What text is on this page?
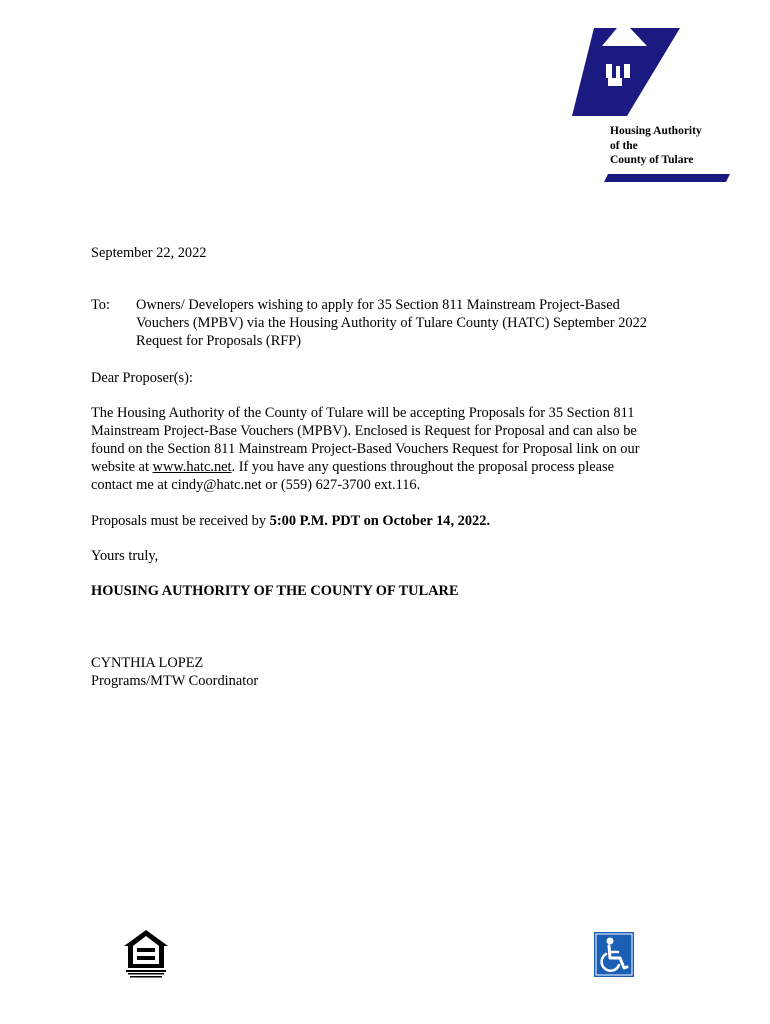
Housing Authority
of the
County of Tulare
September 22, 2022
To: Owners/ Developers wishing to apply for 35 Section 811 Mainstream Project-Based
Vouchers (MPBV) via the Housing Authority of Tulare County (HATC) September 2022
Request for Proposals (RFP)
Dear Proposer(s):
The Housing Authority of the County of Tulare will be accepting Proposals for 35 Section 811
Mainstream Project-Base Vouchers (MPBV). Enclosed is Request for Proposal and can also be
found on the Section 811 Mainstream Project-Based Vouchers Request for Proposal link on our
website at www.hatc.net. If you have any questions throughout the proposal process please
contact me at cindy@hatc.net or (559) 627-3700 ext.116.
Proposals must be received by 5:00 P.M. PDT on October 14, 2022.
Yours truly,
HOUSING AUTHORITY OF THE COUNTY OF TULARE
CYNTHIA LOPEZ
Programs/MTW Coordinator
